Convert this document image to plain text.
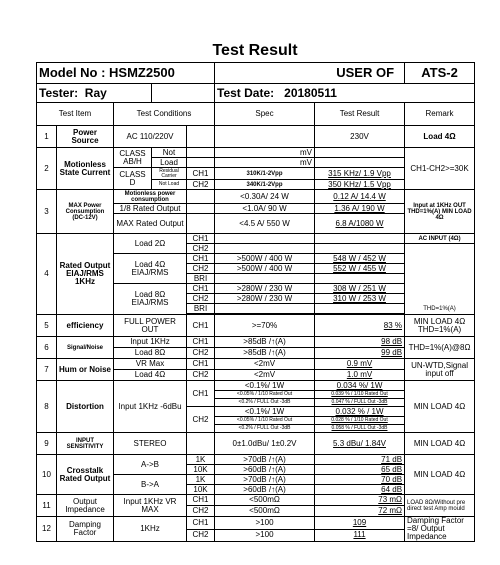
Test Result
Model No : HSMZ2500					USER OF		ATS-2
Tester: Ray					Test Date: 20180511		
Test Item		Test Conditions			Spec	Test Result	Remark
1	Power Source	AC 110/220V				230V	Load 4Ω
2	Motionless State Current	CLASS AB/H	Not		mV		CH1-CH2>=30K
			Load		mV		
		CLASS D	Residual Carrier	CH1	310K/1-2Vpp	315 KHz/ 1.9 Vpp	
			Not Load	CH2	340K/1-2Vpp	350 KHz/ 1.5 Vpp	
3	MAX Power Consumption (DC-12V)	Motionless power consumption			<0.30A/ 24 W	0.12 A/ 14.4 W	Input at 1KHz OUT THD=1%(A) MIN LOAD 4Ω
		1/8 Rated Output			<1.0A/ 90 W	1.36 A/ 190 W	
		MAX Rated Output			<4.5 A/ 550 W	6.8 A/1080 W	
4	Rated Output EIAJ/RMS 1KHz	Load 2Ω		CH1			AC INPUT (4Ω)
				CH2			THD=1%(A)
		Load 4Ω EIAJ/RMS		CH1	>500W / 400 W	548 W / 452 W	
				CH2	>500W / 400 W	552 W / 455 W	
				BRI			
		Load 8Ω EIAJ/RMS		CH1	>280W / 230 W	308 W / 251 W	
				CH2	>280W / 230 W	310 W / 253 W	
				BRI			

5	efficiency	FULL POWER OUT		CH1	>=70%	83 %	MIN LOAD 4Ω THD=1%(A)
6	Signal/Noise	Input 1KHz		CH1	>85dB /↑(A)	98 dB	THD=1%(A)@8Ω
		Load 8Ω		CH2	>85dB /↑(A)	99 dB	
7	Hum or Noise	VR Max		CH1	<2mV	0.9 mV	UN-WTD,Signal input off
		Load 4Ω		CH2	<2mV	1.0 mV	
8	Distortion	Input 1KHz -6dBu		CH1	<0.1%/ 1W	0.034 %/ 1W	MIN LOAD 4Ω
					<0.05% / 1/10 Rated Out	0.039 % / 1/10 Rated Out	
					<0.2% / FULL Out -3dB	0.047 % / FULL Out -3dB	
				CH2	<0.1%/ 1W	0.032 % / 1W	
					<0.05% / 1/10 Rated Out	0.028 % / 1/10 Rated Out	
					<0.2% / FULL Out -3dB	0.058 % / FULL Out -3dB	
9	INPUT SENSITIVITY	STEREO			0±1.0dBu/ 1±0.2V	5.3 dBu/ 1.84V	MIN LOAD 4Ω
10	Crosstalk Rated Output	A->B		1K	>70dB /↑(A)	71 dB	MIN LOAD 4Ω
				10K	>60dB /↑(A)	65 dB	
		B->A		1K	>70dB /↑(A)	70 dB	
				10K	>60dB /↑(A)	64 dB	
11	Output Impedance	Input 1KHz VR MAX		CH1	<500mΩ	73 mΩ	LOAD 8Ω/Without pre direct test Amp mould
				CH2	<500mΩ	72 mΩ	
12	Damping Factor	1KHz		CH1	>100	109	Damping Factor =8/ Output Impedance
				CH2	>100	111	
